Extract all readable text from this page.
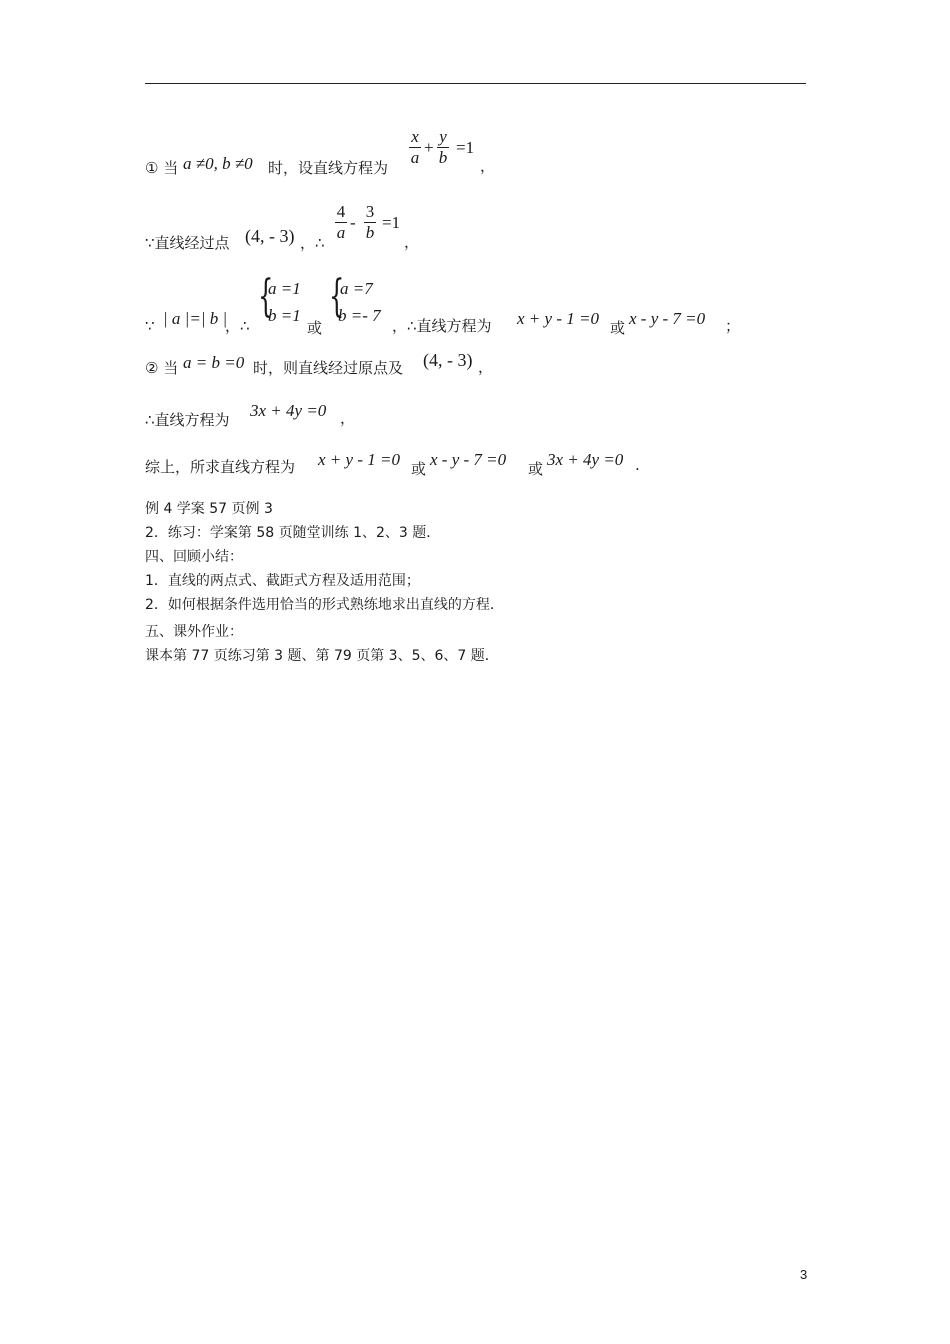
① 当 a ≠0, b ≠0 时，设直线方程为
x
a
+
y
b
=1
，
∵直线经过点 (4, - 3) ，∴
4
a
-
3
b
=1
，
∵ | a |=| b |
，∴
{
a =1
b =1
或
{
a =7
b =- 7
，∴直线方程为 x + y - 1 =0 或 x - y - 7 =0 ；
② 当 a = b =0 时，则直线经过原点及 (4, - 3) ，
∴直线方程为 3x + 4y =0 ，
综上，所求直线方程为 x + y - 1 =0 或 x - y - 7 =0 或 3x + 4y =0 .
例 4 学案 57 页例 3
2．练习：学案第 58 页随堂训练 1、2、3 题．
四、回顾小结：
1．直线的两点式、截距式方程及适用范围；
2．如何根据条件选用恰当的形式熟练地求出直线的方程．
五、课外作业：
课本第 77 页练习第 3 题、第 79 页第 3、5、6、7 题．
3
